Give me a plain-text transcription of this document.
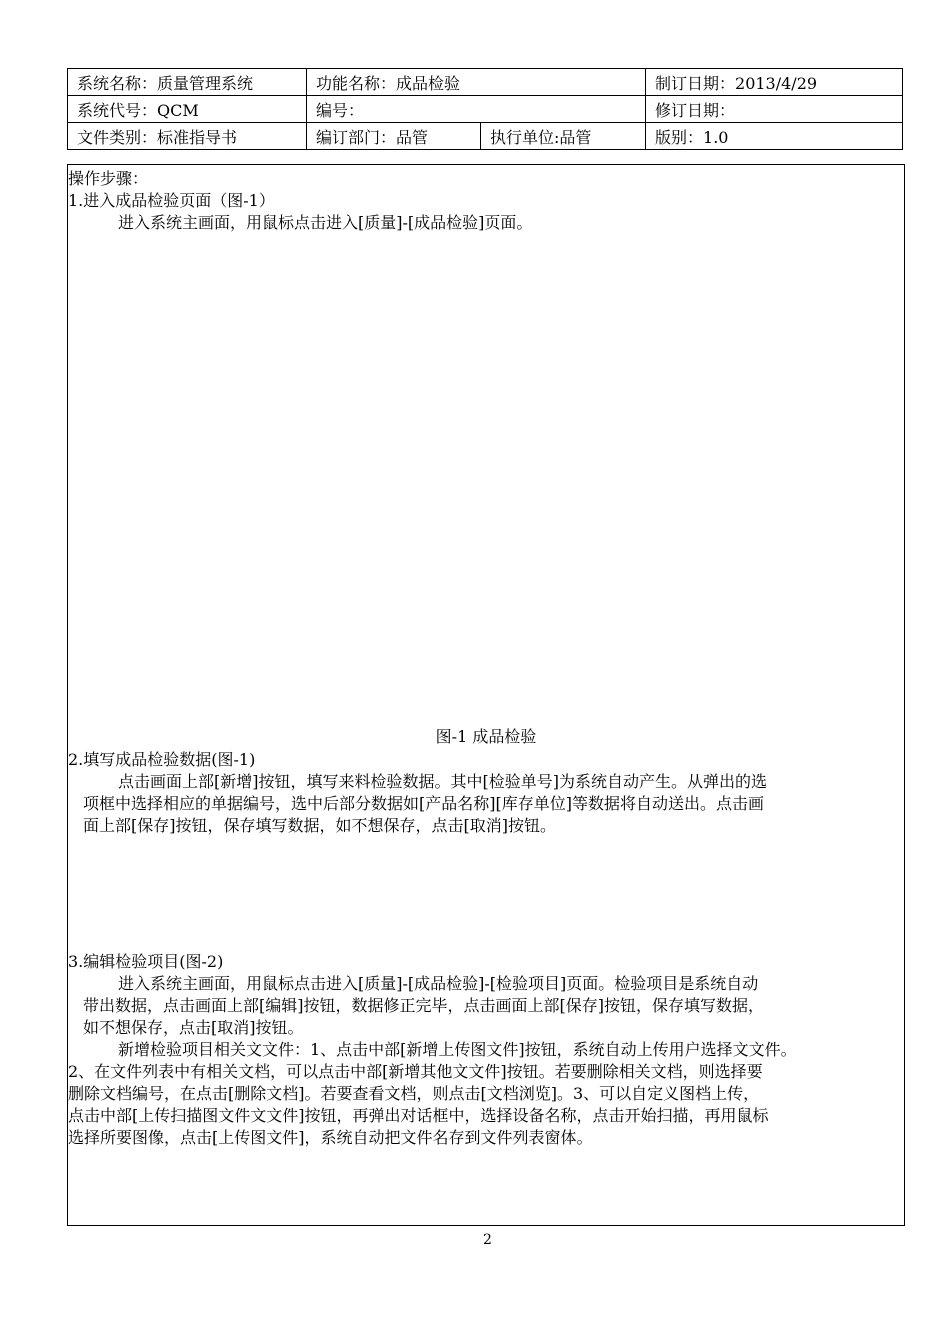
系统名称：质量管理系统	功能名称：成品检验		制订日期：2013/4/29
系统代号：QCM	编号：		修订日期：
文件类别：标准指导书	编订部门：品管	执行单位:品管	版别：1.0

操作步骤：

1.进入成品检验页面（图-1）

进入系统主画面，用鼠标点击进入[质量]-[成品检验]页面。

图-1 成品检验

2.填写成品检验数据(图-1)

点击画面上部[新增]按钮，填写来料检验数据。其中[检验单号]为系统自动产生。从弹出的选

项框中选择相应的单据编号，选中后部分数据如[产品名称][库存单位]等数据将自动送出。点击画

面上部[保存]按钮，保存填写数据，如不想保存，点击[取消]按钮。

3.编辑检验项目(图-2)

进入系统主画面，用鼠标点击进入[质量]-[成品检验]-[检验项目]页面。检验项目是系统自动

带出数据，点击画面上部[编辑]按钮，数据修正完毕，点击画面上部[保存]按钮，保存填写数据，

如不想保存，点击[取消]按钮。

新增检验项目相关文文件：1、点击中部[新增上传图文件]按钮，系统自动上传用户选择文文件。

2、在文件列表中有相关文档，可以点击中部[新增其他文文件]按钮。若要删除相关文档，则选择要

删除文档编号，在点击[删除文档]。若要查看文档，则点击[文档浏览]。3、可以自定义图档上传，

点击中部[上传扫描图文件文文件]按钮，再弹出对话框中，选择设备名称，点击开始扫描，再用鼠标

选择所要图像，点击[上传图文件]，系统自动把文件名存到文件列表窗体。

2
